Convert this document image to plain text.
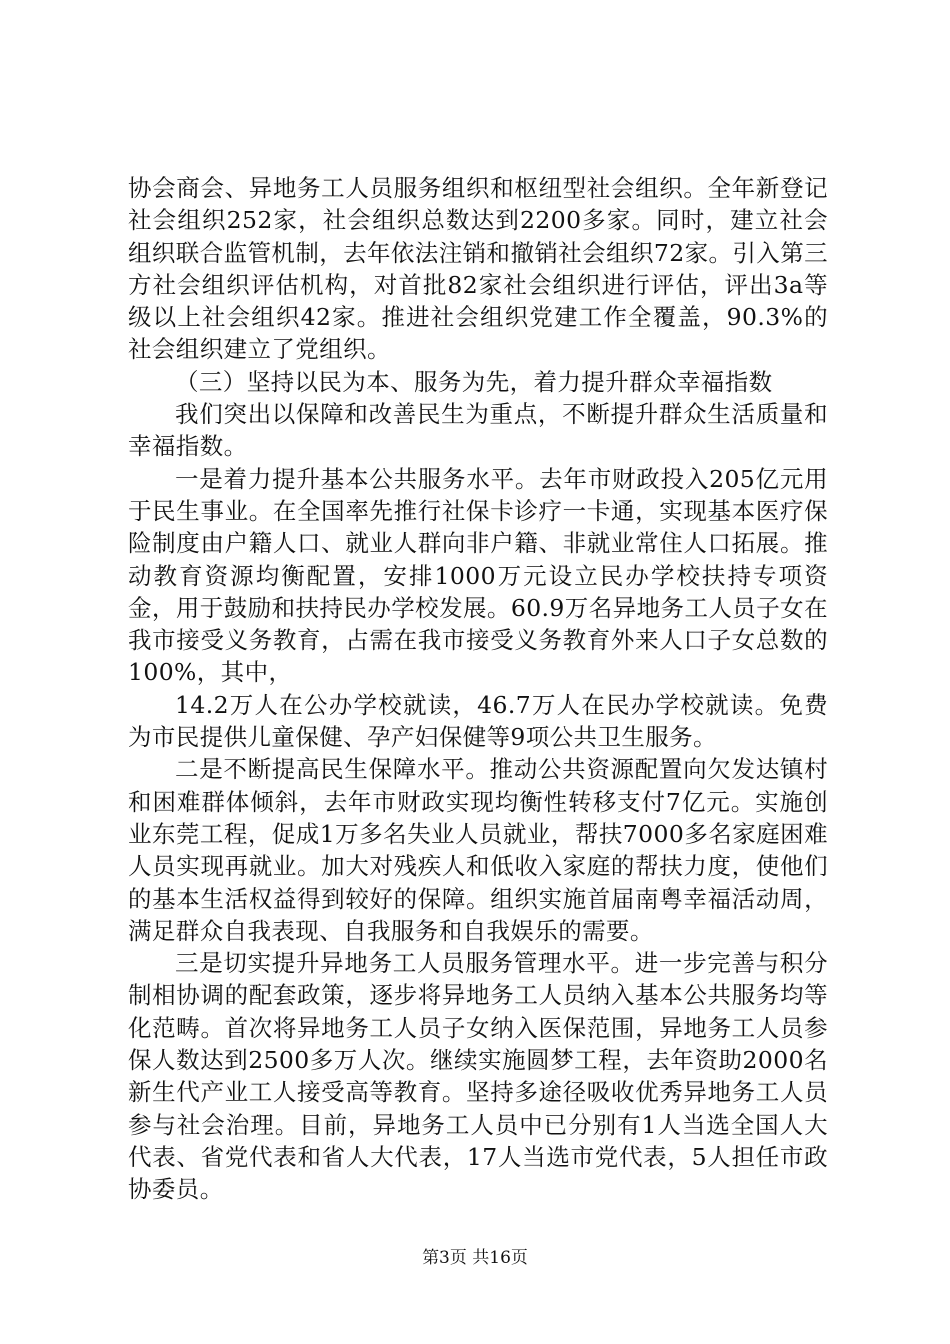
协会商会、异地务工人员服务组织和枢纽型社会组织。全年新登记社会组织252家，社会组织总数达到2200多家。同时，建立社会组织联合监管机制，去年依法注销和撤销社会组织72家。引入第三方社会组织评估机构，对首批82家社会组织进行评估，评出3a等级以上社会组织42家。推进社会组织党建工作全覆盖，90.3%的社会组织建立了党组织。

（三）坚持以民为本、服务为先，着力提升群众幸福指数

我们突出以保障和改善民生为重点，不断提升群众生活质量和幸福指数。

一是着力提升基本公共服务水平。去年市财政投入205亿元用于民生事业。在全国率先推行社保卡诊疗一卡通，实现基本医疗保险制度由户籍人口、就业人群向非户籍、非就业常住人口拓展。推动教育资源均衡配置，安排1000万元设立民办学校扶持专项资金，用于鼓励和扶持民办学校发展。60.9万名异地务工人员子女在我市接受义务教育，占需在我市接受义务教育外来人口子女总数的100%，其中，

14.2万人在公办学校就读，46.7万人在民办学校就读。免费为市民提供儿童保健、孕产妇保健等9项公共卫生服务。

二是不断提高民生保障水平。推动公共资源配置向欠发达镇村和困难群体倾斜，去年市财政实现均衡性转移支付7亿元。实施创业东莞工程，促成1万多名失业人员就业，帮扶7000多名家庭困难人员实现再就业。加大对残疾人和低收入家庭的帮扶力度，使他们的基本生活权益得到较好的保障。组织实施首届南粤幸福活动周，满足群众自我表现、自我服务和自我娱乐的需要。

三是切实提升异地务工人员服务管理水平。进一步完善与积分制相协调的配套政策，逐步将异地务工人员纳入基本公共服务均等化范畴。首次将异地务工人员子女纳入医保范围，异地务工人员参保人数达到2500多万人次。继续实施圆梦工程，去年资助2000名新生代产业工人接受高等教育。坚持多途径吸收优秀异地务工人员参与社会治理。目前，异地务工人员中已分别有1人当选全国人大代表、省党代表和省人大代表，17人当选市党代表，5人担任市政协委员。

第3页 共16页
